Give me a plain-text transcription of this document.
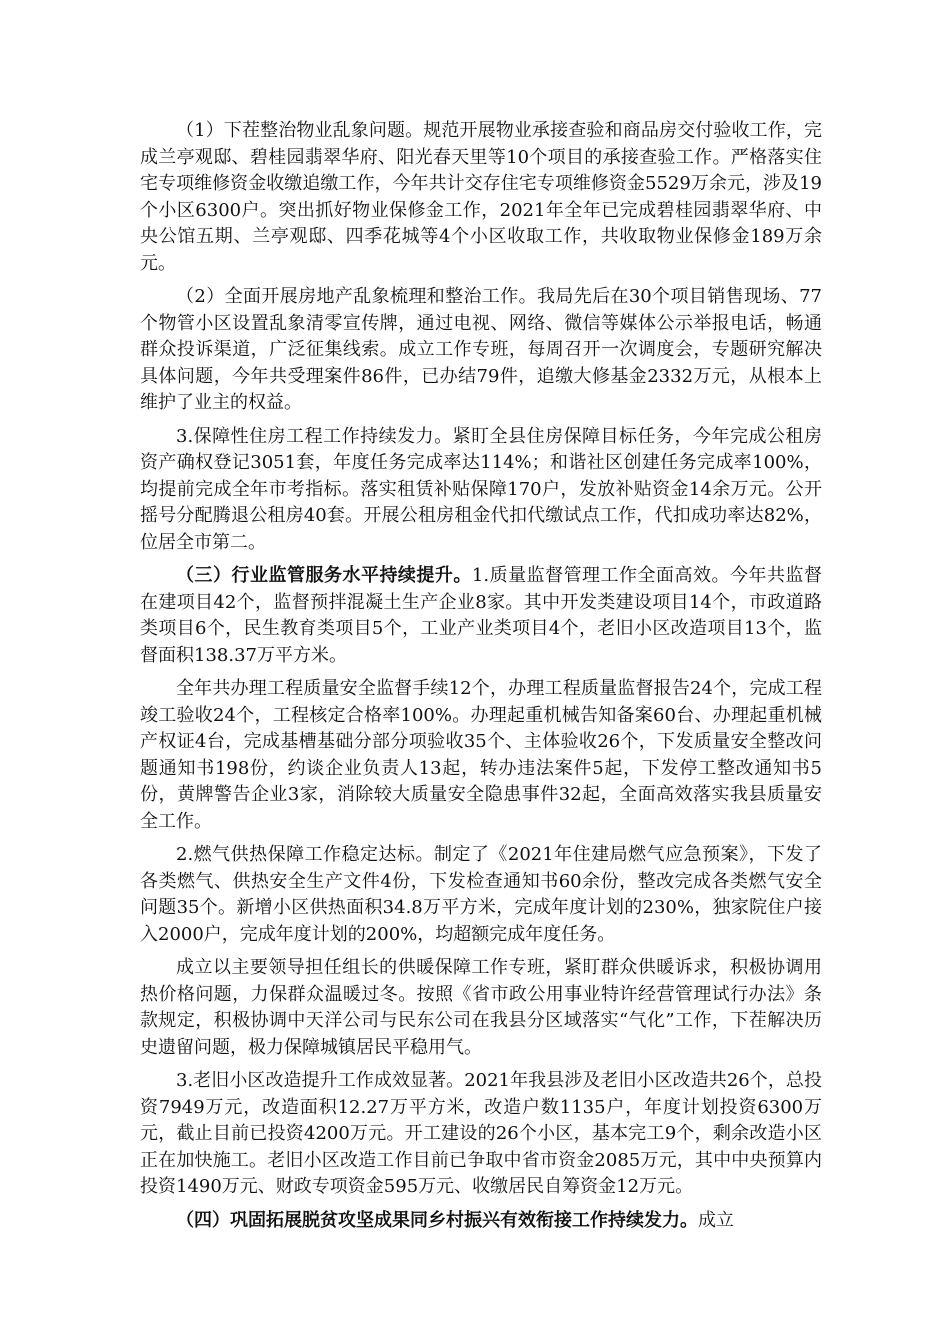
（1）下茬整治物业乱象问题。规范开展物业承接查验和商品房交付验收工作，完成兰亭观邸、碧桂园翡翠华府、阳光春天里等10个项目的承接查验工作。严格落实住宅专项维修资金收缴追缴工作，今年共计交存住宅专项维修资金5529万余元，涉及19个小区6300户。突出抓好物业保修金工作，2021年全年已完成碧桂园翡翠华府、中央公馆五期、兰亭观邸、四季花城等4个小区收取工作，共收取物业保修金189万余元。

（2）全面开展房地产乱象梳理和整治工作。我局先后在30个项目销售现场、77个物管小区设置乱象清零宣传牌，通过电视、网络、微信等媒体公示举报电话，畅通群众投诉渠道，广泛征集线索。成立工作专班，每周召开一次调度会，专题研究解决具体问题，今年共受理案件86件，已办结79件，追缴大修基金2332万元，从根本上维护了业主的权益。

3.保障性住房工程工作持续发力。紧盯全县住房保障目标任务，今年完成公租房资产确权登记3051套，年度任务完成率达114%；和谐社区创建任务完成率100%，均提前完成全年市考指标。落实租赁补贴保障170户，发放补贴资金14余万元。公开摇号分配腾退公租房40套。开展公租房租金代扣代缴试点工作，代扣成功率达82%，位居全市第二。

（三）行业监管服务水平持续提升。1.质量监督管理工作全面高效。今年共监督在建项目42个，监督预拌混凝土生产企业8家。其中开发类建设项目14个，市政道路类项目6个，民生教育类项目5个，工业产业类项目4个，老旧小区改造项目13个，监督面积138.37万平方米。

全年共办理工程质量安全监督手续12个，办理工程质量监督报告24个，完成工程竣工验收24个，工程核定合格率100%。办理起重机械告知备案60台、办理起重机械产权证4台，完成基槽基础分部分项验收35个、主体验收26个，下发质量安全整改问题通知书198份，约谈企业负责人13起，转办违法案件5起，下发停工整改通知书5份，黄牌警告企业3家，消除较大质量安全隐患事件32起，全面高效落实我县质量安全工作。

2.燃气供热保障工作稳定达标。制定了《2021年住建局燃气应急预案》，下发了各类燃气、供热安全生产文件4份，下发检查通知书60余份，整改完成各类燃气安全问题35个。新增小区供热面积34.8万平方米，完成年度计划的230%，独家院住户接入2000户，完成年度计划的200%，均超额完成年度任务。

成立以主要领导担任组长的供暖保障工作专班，紧盯群众供暖诉求，积极协调用热价格问题，力保群众温暖过冬。按照《省市政公用事业特许经营管理试行办法》条款规定，积极协调中天洋公司与民东公司在我县分区域落实“气化”工作，下茬解决历史遗留问题，极力保障城镇居民平稳用气。

3.老旧小区改造提升工作成效显著。2021年我县涉及老旧小区改造共26个，总投资7949万元，改造面积12.27万平方米，改造户数1135户，年度计划投资6300万元，截止目前已投资4200万元。开工建设的26个小区，基本完工9个，剩余改造小区正在加快施工。老旧小区改造工作目前已争取中省市资金2085万元，其中中央预算内投资1490万元、财政专项资金595万元、收缴居民自筹资金12万元。

（四）巩固拓展脱贫攻坚成果同乡村振兴有效衔接工作持续发力。成立
